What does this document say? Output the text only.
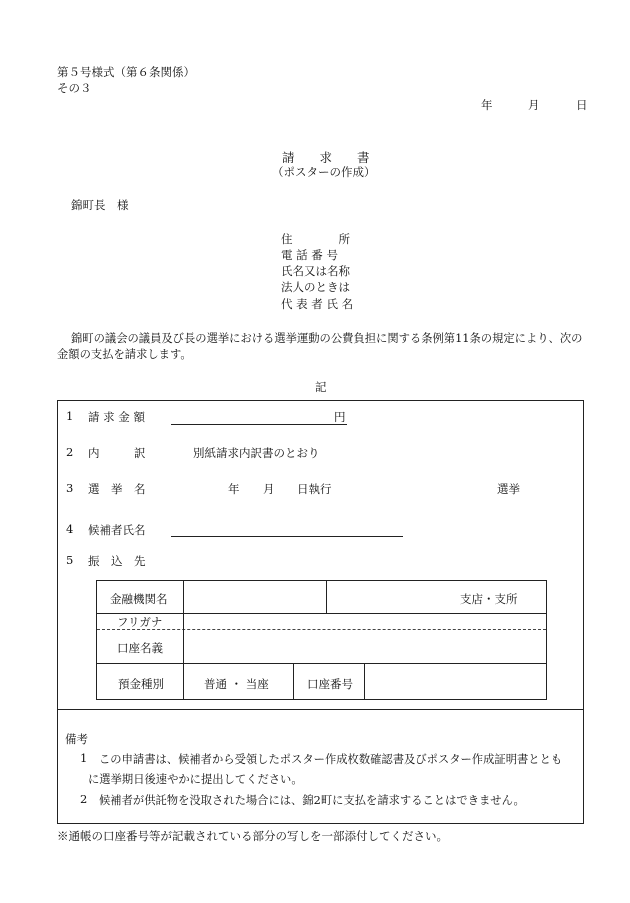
第５号様式（第６条関係）
その３
年	月	日
請　　求　　書
（ポスターの作成）
錦町長　様
住　　　　所
電 話 番 号
氏名又は名称
法人のときは
代 表 者 氏 名
錦町の議会の議員及び長の選挙における選挙運動の公費負担に関する条例第11条の規定により、次の
金額の支払を請求します。
記
1 請 求 金 額	円
2 内　　　訳	別紙請求内訳書のとおり
3 選　挙　名	年 月 日執行	選挙
4 候補者氏名
5 振　込　先
金融機関名	支店・支所
フリガナ
口座名義
預金種別	普通 ・ 当座	口座番号
備考
1 この申請書は、候補者から受領したポスター作成枚数確認書及びポスター作成証明書ととも
に選挙期日後速やかに提出してください。
2 候補者が供託物を没取された場合には、錦2町に支払を請求することはできません。
※通帳の口座番号等が記載されている部分の写しを一部添付してください。
